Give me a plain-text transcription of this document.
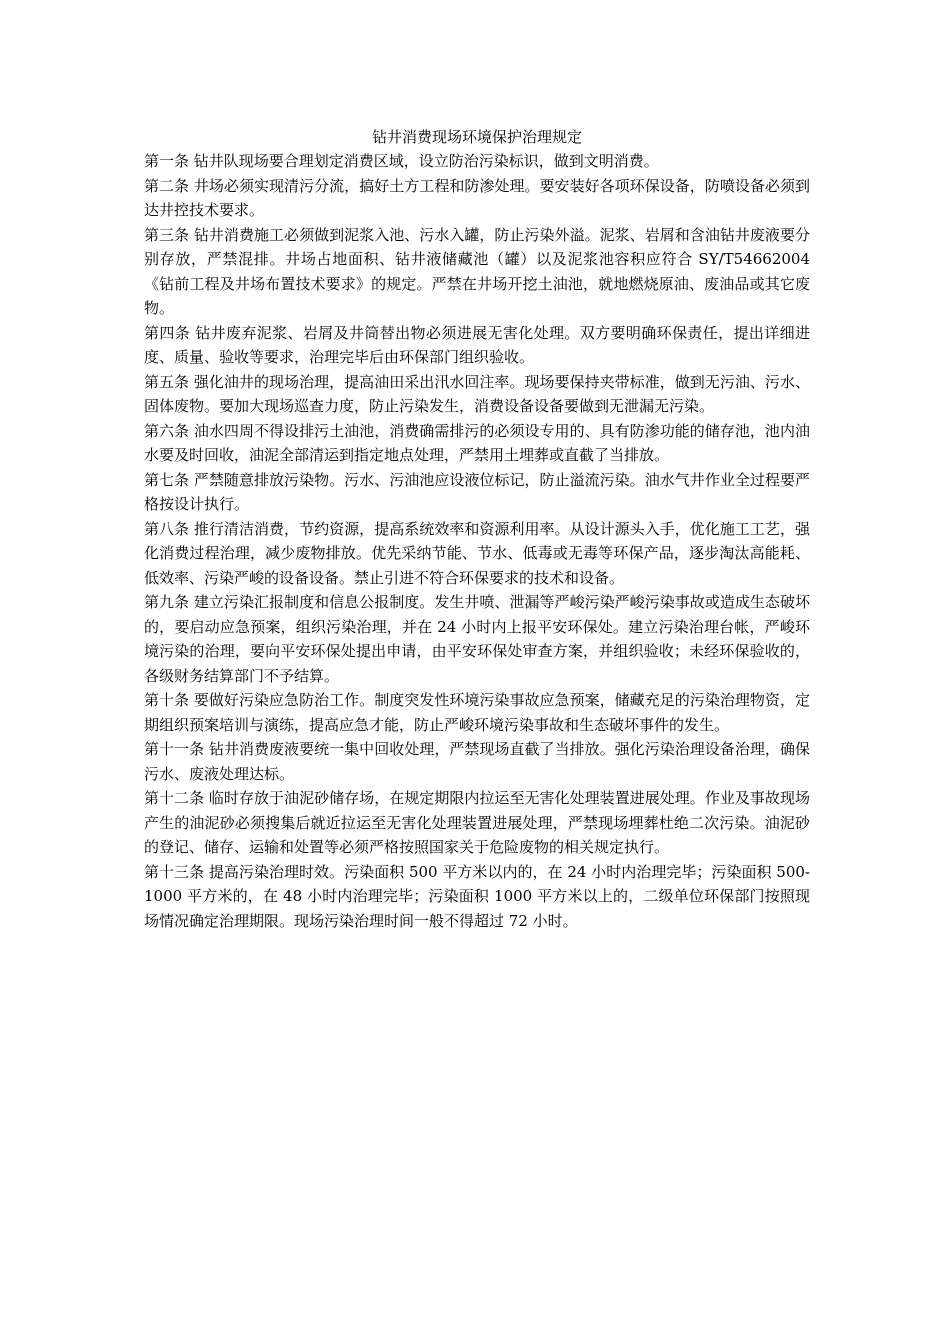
钻井消费现场环境保护治理规定

第一条 钻井队现场要合理划定消费区域，设立防治污染标识，做到文明消费。

第二条 井场必须实现清污分流，搞好土方工程和防渗处理。要安装好各项环保设备，防喷设备必须到达井控技术要求。

第三条 钻井消费施工必须做到泥浆入池、污水入罐，防止污染外溢。泥浆、岩屑和含油钻井废液要分别存放，严禁混排。井场占地面积、钻井液储藏池（罐）以及泥浆池容积应符合 SY/T54662004《钻前工程及井场布置技术要求》的规定。严禁在井场开挖土油池，就地燃烧原油、废油品或其它废物。

第四条 钻井废弃泥浆、岩屑及井筒替出物必须进展无害化处理。双方要明确环保责任，提出详细进度、质量、验收等要求，治理完毕后由环保部门组织验收。

第五条 强化油井的现场治理，提高油田采出汛水回注率。现场要保持夹带标准，做到无污油、污水、固体废物。要加大现场巡查力度，防止污染发生，消费设备设备要做到无泄漏无污染。

第六条 油水四周不得设排污土油池，消费确需排污的必须设专用的、具有防渗功能的储存池，池内油水要及时回收，油泥全部清运到指定地点处理，严禁用土埋葬或直截了当排放。

第七条 严禁随意排放污染物。污水、污油池应设液位标记，防止溢流污染。油水气井作业全过程要严格按设计执行。

第八条 推行清洁消费，节约资源，提高系统效率和资源利用率。从设计源头入手，优化施工工艺，强化消费过程治理，减少废物排放。优先采纳节能、节水、低毒或无毒等环保产品，逐步淘汰高能耗、低效率、污染严峻的设备设备。禁止引进不符合环保要求的技术和设备。

第九条 建立污染汇报制度和信息公报制度。发生井喷、泄漏等严峻污染严峻污染事故或造成生态破坏的，要启动应急预案，组织污染治理，并在 24 小时内上报平安环保处。建立污染治理台帐，严峻环境污染的治理，要向平安环保处提出申请，由平安环保处审查方案，并组织验收；未经环保验收的，各级财务结算部门不予结算。

第十条 要做好污染应急防治工作。制度突发性环境污染事故应急预案，储藏充足的污染治理物资，定期组织预案培训与演练，提高应急才能，防止严峻环境污染事故和生态破坏事件的发生。

第十一条 钻井消费废液要统一集中回收处理，严禁现场直截了当排放。强化污染治理设备治理，确保污水、废液处理达标。

第十二条 临时存放于油泥砂储存场，在规定期限内拉运至无害化处理装置进展处理。作业及事故现场产生的油泥砂必须搜集后就近拉运至无害化处理装置进展处理，严禁现场埋葬杜绝二次污染。油泥砂的登记、储存、运输和处置等必须严格按照国家关于危险废物的相关规定执行。

第十三条 提高污染治理时效。污染面积 500 平方米以内的，在 24 小时内治理完毕；污染面积 500-1000 平方米的，在 48 小时内治理完毕；污染面积 1000 平方米以上的，二级单位环保部门按照现场情况确定治理期限。现场污染治理时间一般不得超过 72 小时。
